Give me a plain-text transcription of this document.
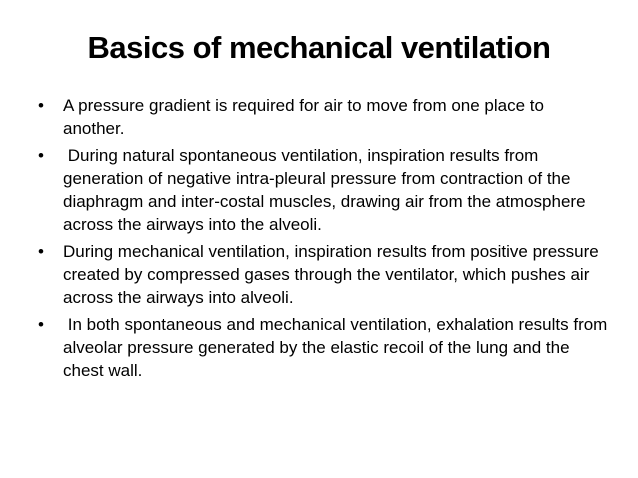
Basics of mechanical ventilation
• A pressure gradient is required for air to move from one place to another.
• During natural spontaneous ventilation, inspiration results from generation of negative intra-pleural pressure from contraction of the diaphragm and inter-costal muscles, drawing air from the atmosphere across the airways into the alveoli.
• During mechanical ventilation, inspiration results from positive pressure created by compressed gases through the ventilator, which pushes air across the airways into alveoli.
• In both spontaneous and mechanical ventilation, exhalation results from alveolar pressure generated by the elastic recoil of the lung and the chest wall.
